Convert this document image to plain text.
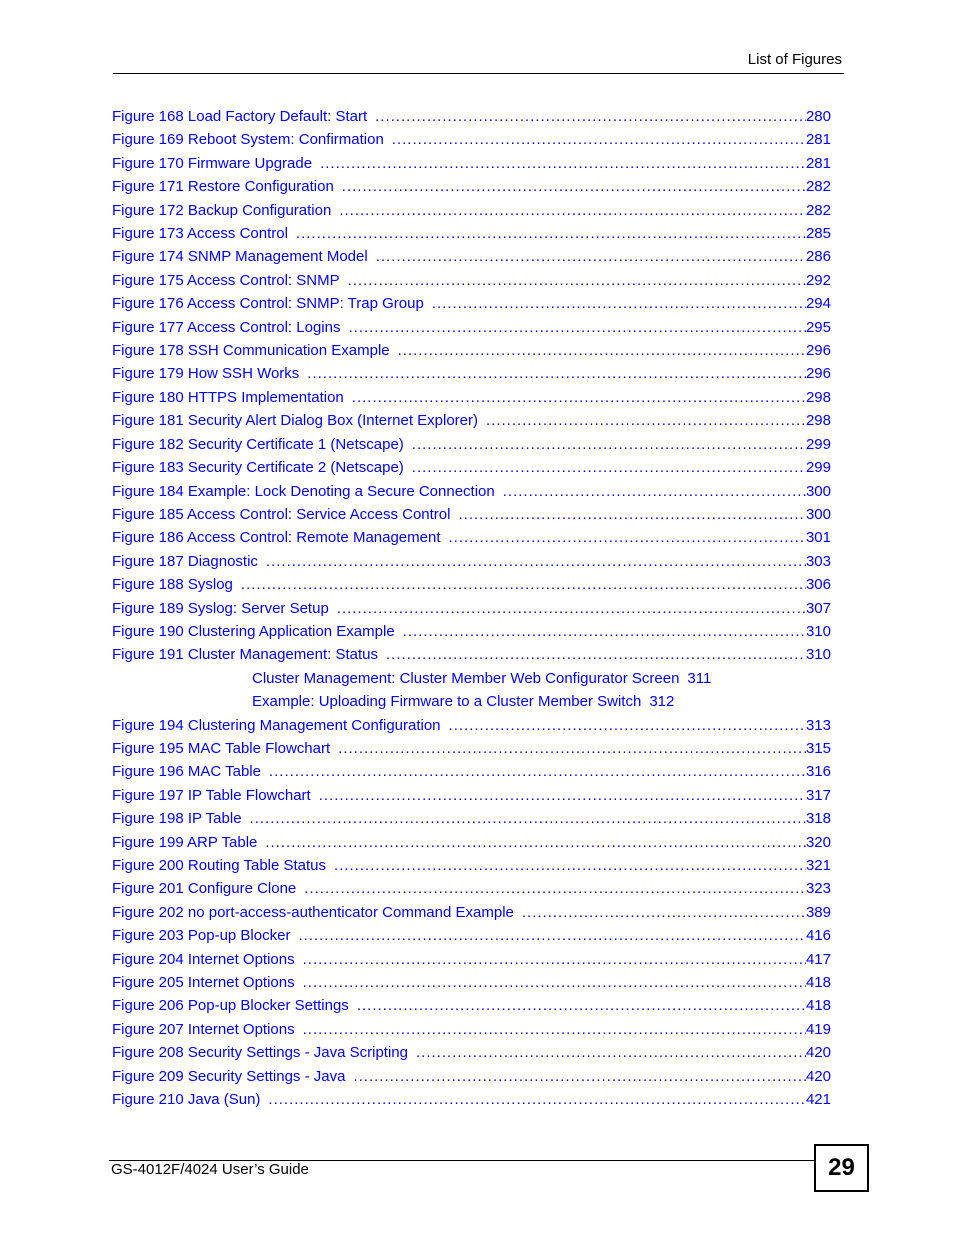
List of Figures
Figure 168 Load Factory Default: Start .....	280
Figure 169 Reboot System: Confirmation .....	281
Figure 170 Firmware Upgrade .....	281
Figure 171 Restore Configuration .....	282
Figure 172 Backup Configuration .....	282
Figure 173 Access Control .....	285
Figure 174 SNMP Management Model .....	286
Figure 175 Access Control: SNMP .....	292
Figure 176 Access Control: SNMP: Trap Group .....	294
Figure 177 Access Control: Logins .....	295
Figure 178 SSH Communication Example .....	296
Figure 179 How SSH Works .....	296
Figure 180 HTTPS Implementation .....	298
Figure 181 Security Alert Dialog Box (Internet Explorer) .....	298
Figure 182 Security Certificate 1 (Netscape) .....	299
Figure 183 Security Certificate 2 (Netscape) .....	299
Figure 184 Example: Lock Denoting a Secure Connection .....	300
Figure 185 Access Control: Service Access Control .....	300
Figure 186 Access Control: Remote Management .....	301
Figure 187 Diagnostic .....	303
Figure 188 Syslog .....	306
Figure 189 Syslog: Server Setup .....	307
Figure 190 Clustering Application Example .....	310
Figure 191 Cluster Management: Status .....	310
Cluster Management: Cluster Member Web Configurator Screen 311
Example: Uploading Firmware to a Cluster Member Switch 312
Figure 194 Clustering Management Configuration .....	313
Figure 195 MAC Table Flowchart .....	315
Figure 196 MAC Table .....	316
Figure 197 IP Table Flowchart .....	317
Figure 198 IP Table .....	318
Figure 199 ARP Table .....	320
Figure 200 Routing Table Status .....	321
Figure 201 Configure Clone .....	323
Figure 202 no port-access-authenticator Command Example .....	389
Figure 203 Pop-up Blocker .....	416
Figure 204 Internet Options .....	417
Figure 205 Internet Options .....	418
Figure 206 Pop-up Blocker Settings .....	418
Figure 207 Internet Options .....	419
Figure 208 Security Settings - Java Scripting .....	420
Figure 209 Security Settings - Java .....	420
Figure 210 Java (Sun) .....	421
GS-4012F/4024 User’s Guide	29
